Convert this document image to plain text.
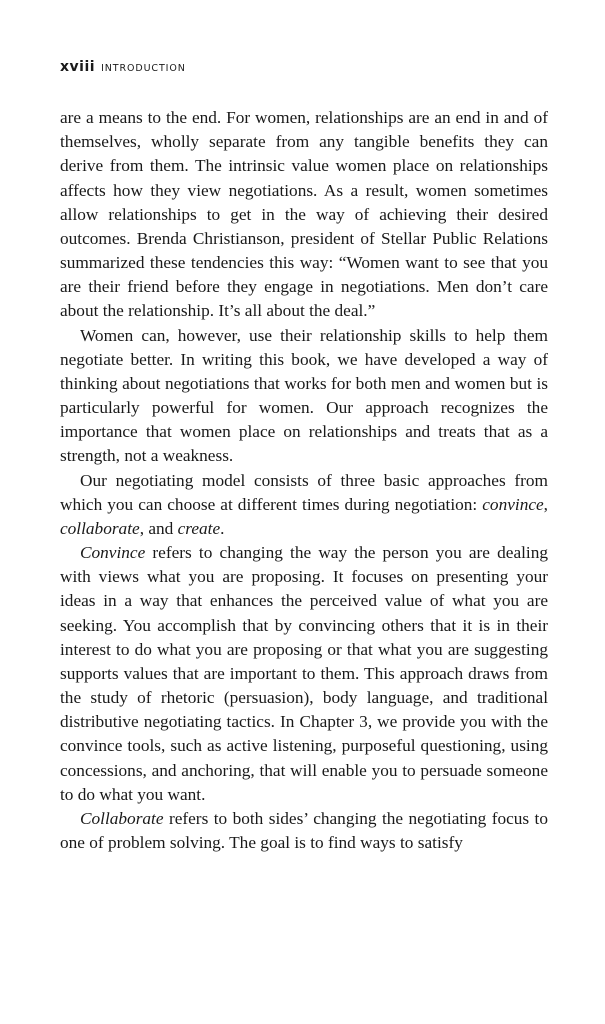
xviii INTRODUCTION

are a means to the end. For women, relationships are an end in and of themselves, wholly separate from any tangible benefits they can derive from them. The intrinsic value women place on relationships affects how they view negotiations. As a result, women sometimes allow relationships to get in the way of achieving their desired outcomes. Brenda Christianson, president of Stellar Public Relations summarized these tendencies this way: “Women want to see that you are their friend before they engage in negotiations. Men don’t care about the relationship. It’s all about the deal.”

Women can, however, use their relationship skills to help them negotiate better. In writing this book, we have developed a way of thinking about negotiations that works for both men and women but is particularly powerful for women. Our approach recognizes the importance that women place on relationships and treats that as a strength, not a weakness.

Our negotiating model consists of three basic approaches from which you can choose at different times during negotiation: convince, collaborate, and create.

Convince refers to changing the way the person you are dealing with views what you are proposing. It focuses on presenting your ideas in a way that enhances the perceived value of what you are seeking. You accomplish that by convincing others that it is in their interest to do what you are proposing or that what you are suggesting supports values that are important to them. This approach draws from the study of rhetoric (persuasion), body language, and traditional distributive negotiating tactics. In Chapter 3, we provide you with the convince tools, such as active listening, purposeful questioning, using concessions, and anchoring, that will enable you to persuade someone to do what you want.

Collaborate refers to both sides’ changing the negotiating focus to one of problem solving. The goal is to find ways to satisfy
